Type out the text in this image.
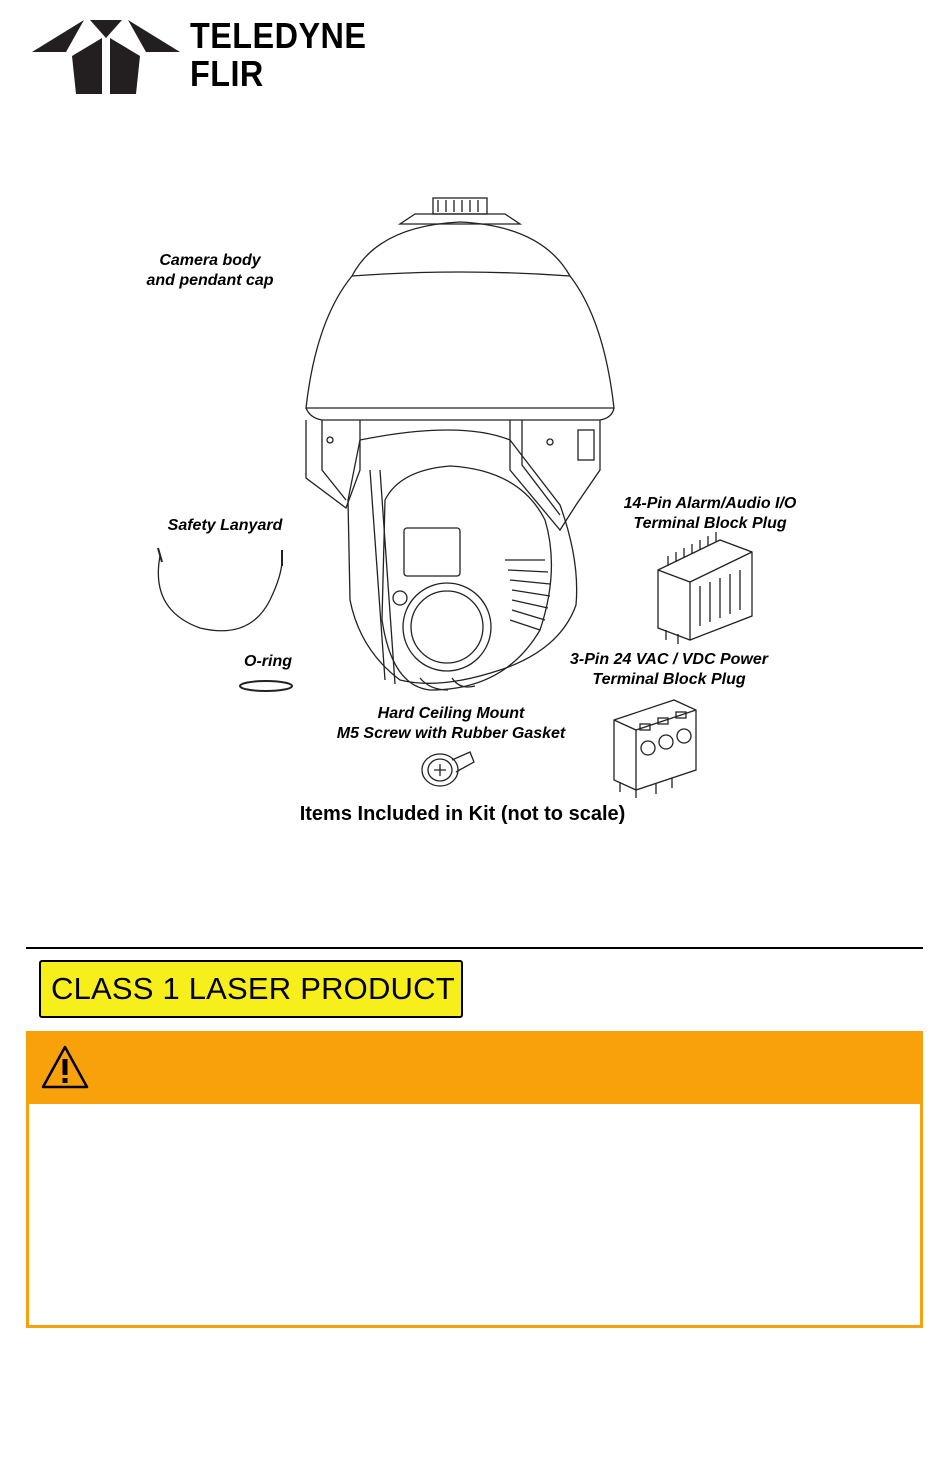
TELEDYNE
FLIR
Camera body
and pendant cap
Safety Lanyard
O-ring
14-Pin Alarm/Audio I/O
Terminal Block Plug
3-Pin 24 VAC / VDC Power
Terminal Block Plug
Hard Ceiling Mount
M5 Screw with Rubber Gasket
Items Included in Kit (not to scale)
CLASS 1 LASER PRODUCT
